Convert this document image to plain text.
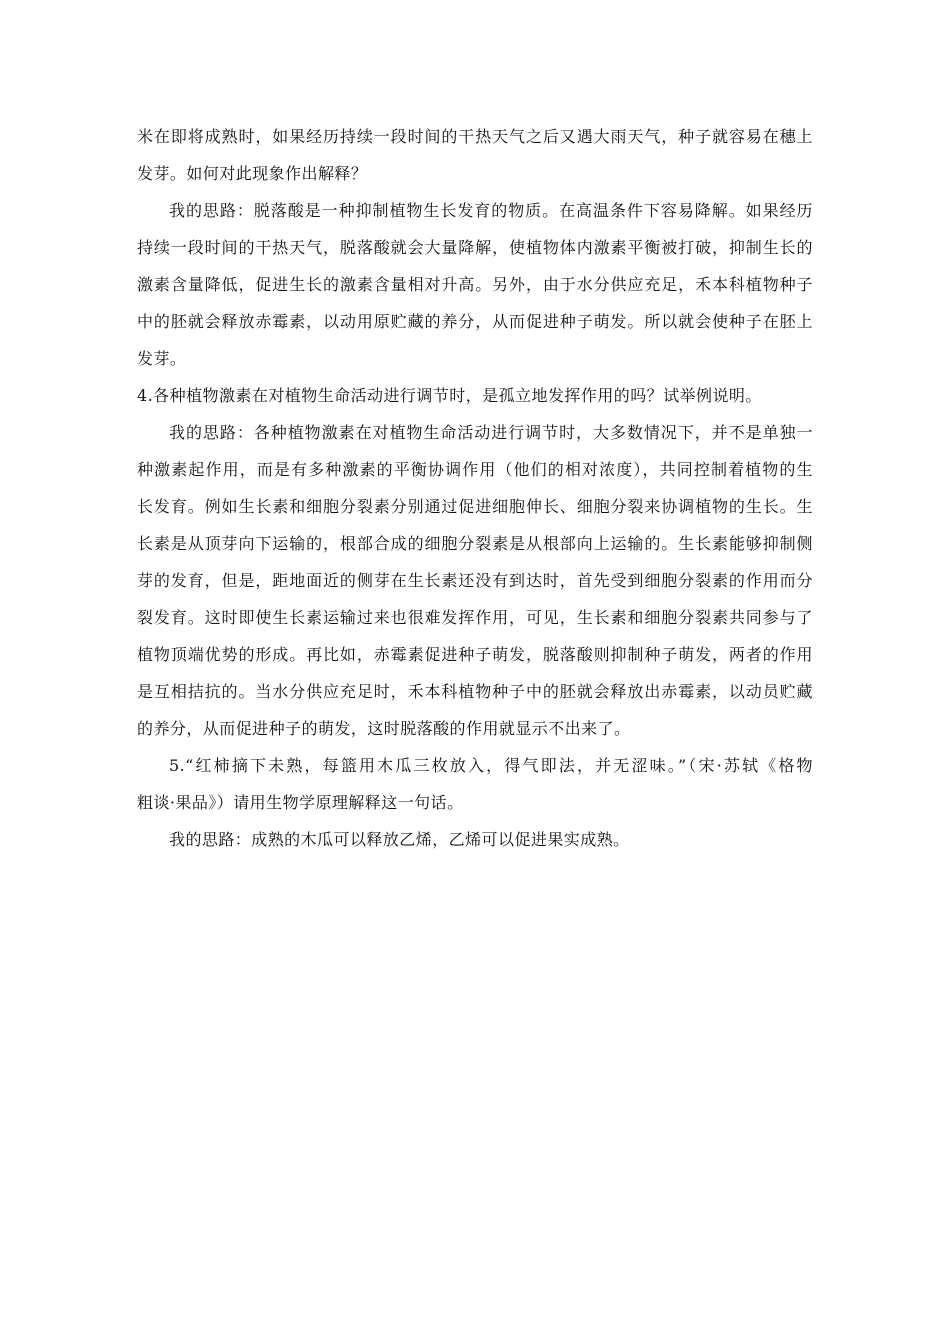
米在即将成熟时，如果经历持续一段时间的干热天气之后又遇大雨天气，种子就容易在穗上
发芽。如何对此现象作出解释？
我的思路：脱落酸是一种抑制植物生长发育的物质。在高温条件下容易降解。如果经历
持续一段时间的干热天气，脱落酸就会大量降解，使植物体内激素平衡被打破，抑制生长的
激素含量降低，促进生长的激素含量相对升高。另外，由于水分供应充足，禾本科植物种子
中的胚就会释放赤霉素，以动用原贮藏的养分，从而促进种子萌发。所以就会使种子在胚上
发芽。
4.各种植物激素在对植物生命活动进行调节时，是孤立地发挥作用的吗？试举例说明。
我的思路：各种植物激素在对植物生命活动进行调节时，大多数情况下，并不是单独一
种激素起作用，而是有多种激素的平衡协调作用（他们的相对浓度），共同控制着植物的生
长发育。例如生长素和细胞分裂素分别通过促进细胞伸长、细胞分裂来协调植物的生长。生
长素是从顶芽向下运输的，根部合成的细胞分裂素是从根部向上运输的。生长素能够抑制侧
芽的发育，但是，距地面近的侧芽在生长素还没有到达时，首先受到细胞分裂素的作用而分
裂发育。这时即使生长素运输过来也很难发挥作用，可见，生长素和细胞分裂素共同参与了
植物顶端优势的形成。再比如，赤霉素促进种子萌发，脱落酸则抑制种子萌发，两者的作用
是互相拮抗的。当水分供应充足时，禾本科植物种子中的胚就会释放出赤霉素，以动员贮藏
的养分，从而促进种子的萌发，这时脱落酸的作用就显示不出来了。
5.“红柿摘下未熟，每篮用木瓜三枚放入，得气即法，并无涩味。”（宋·苏轼《格物
粗谈·果品》）请用生物学原理解释这一句话。
我的思路：成熟的木瓜可以释放乙烯，乙烯可以促进果实成熟。
